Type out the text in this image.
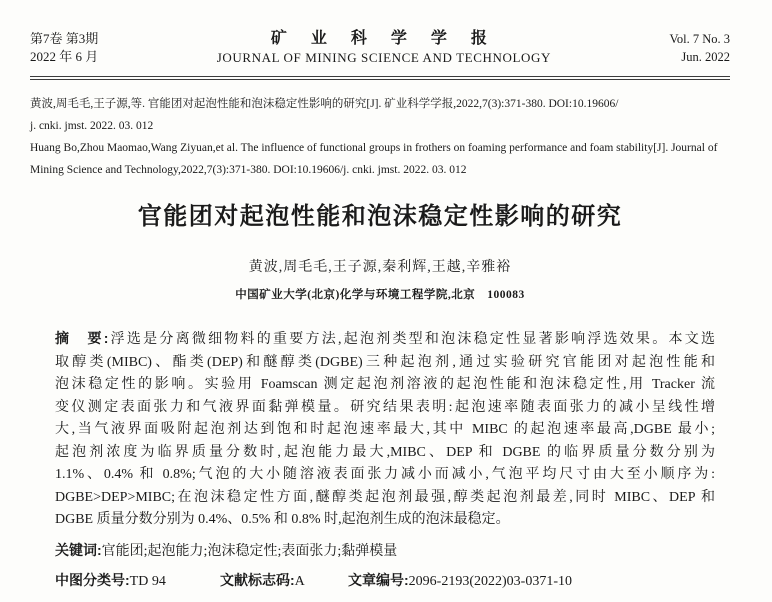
第7卷 第3期
2022 年 6 月
矿 业 科 学 学 报
JOURNAL OF MINING SCIENCE AND TECHNOLOGY
Vol. 7 No. 3
Jun. 2022
黄波,周毛毛,王子源,等. 官能团对起泡性能和泡沫稳定性影响的研究[J]. 矿业科学学报,2022,7(3):371-380. DOI:10.19606/
j. cnki. jmst. 2022. 03. 012
Huang Bo,Zhou Maomao,Wang Ziyuan,et al. The influence of functional groups in frothers on foaming performance and foam stability[J]. Journal of
Mining Science and Technology,2022,7(3):371-380. DOI:10.19606/j. cnki. jmst. 2022. 03. 012
官能团对起泡性能和泡沫稳定性影响的研究
黄波,周毛毛,王子源,秦利辉,王越,辛雅裕
中国矿业大学(北京)化学与环境工程学院,北京　100083
摘　要:浮选是分离微细物料的重要方法,起泡剂类型和泡沫稳定性显著影响浮选效果。本文选
取醇类(MIBC)、酯类(DEP)和醚醇类(DGBE)三种起泡剂,通过实验研究官能团对起泡性能和
泡沫稳定性的影响。实验用 Foamscan 测定起泡剂溶液的起泡性能和泡沫稳定性,用 Tracker 流
变仪测定表面张力和气液界面黏弹模量。研究结果表明:起泡速率随表面张力的减小呈线性增
大,当气液界面吸附起泡剂达到饱和时起泡速率最大,其中 MIBC 的起泡速率最高,DGBE 最小;
起泡剂浓度为临界质量分数时,起泡能力最大,MIBC、DEP 和 DGBE 的临界质量分数分别为
1.1%、0.4% 和 0.8%;气泡的大小随溶液表面张力减小而减小,气泡平均尺寸由大至小顺序为:
DGBE>DEP>MIBC;在泡沫稳定性方面,醚醇类起泡剂最强,醇类起泡剂最差,同时 MIBC、DEP 和
DGBE 质量分数分别为 0.4%、0.5% 和 0.8% 时,起泡剂生成的泡沫最稳定。
关键词:官能团;起泡能力;泡沫稳定性;表面张力;黏弹模量
中图分类号:TD 94	文献标志码:A	文章编号:2096-2193(2022)03-0371-10
